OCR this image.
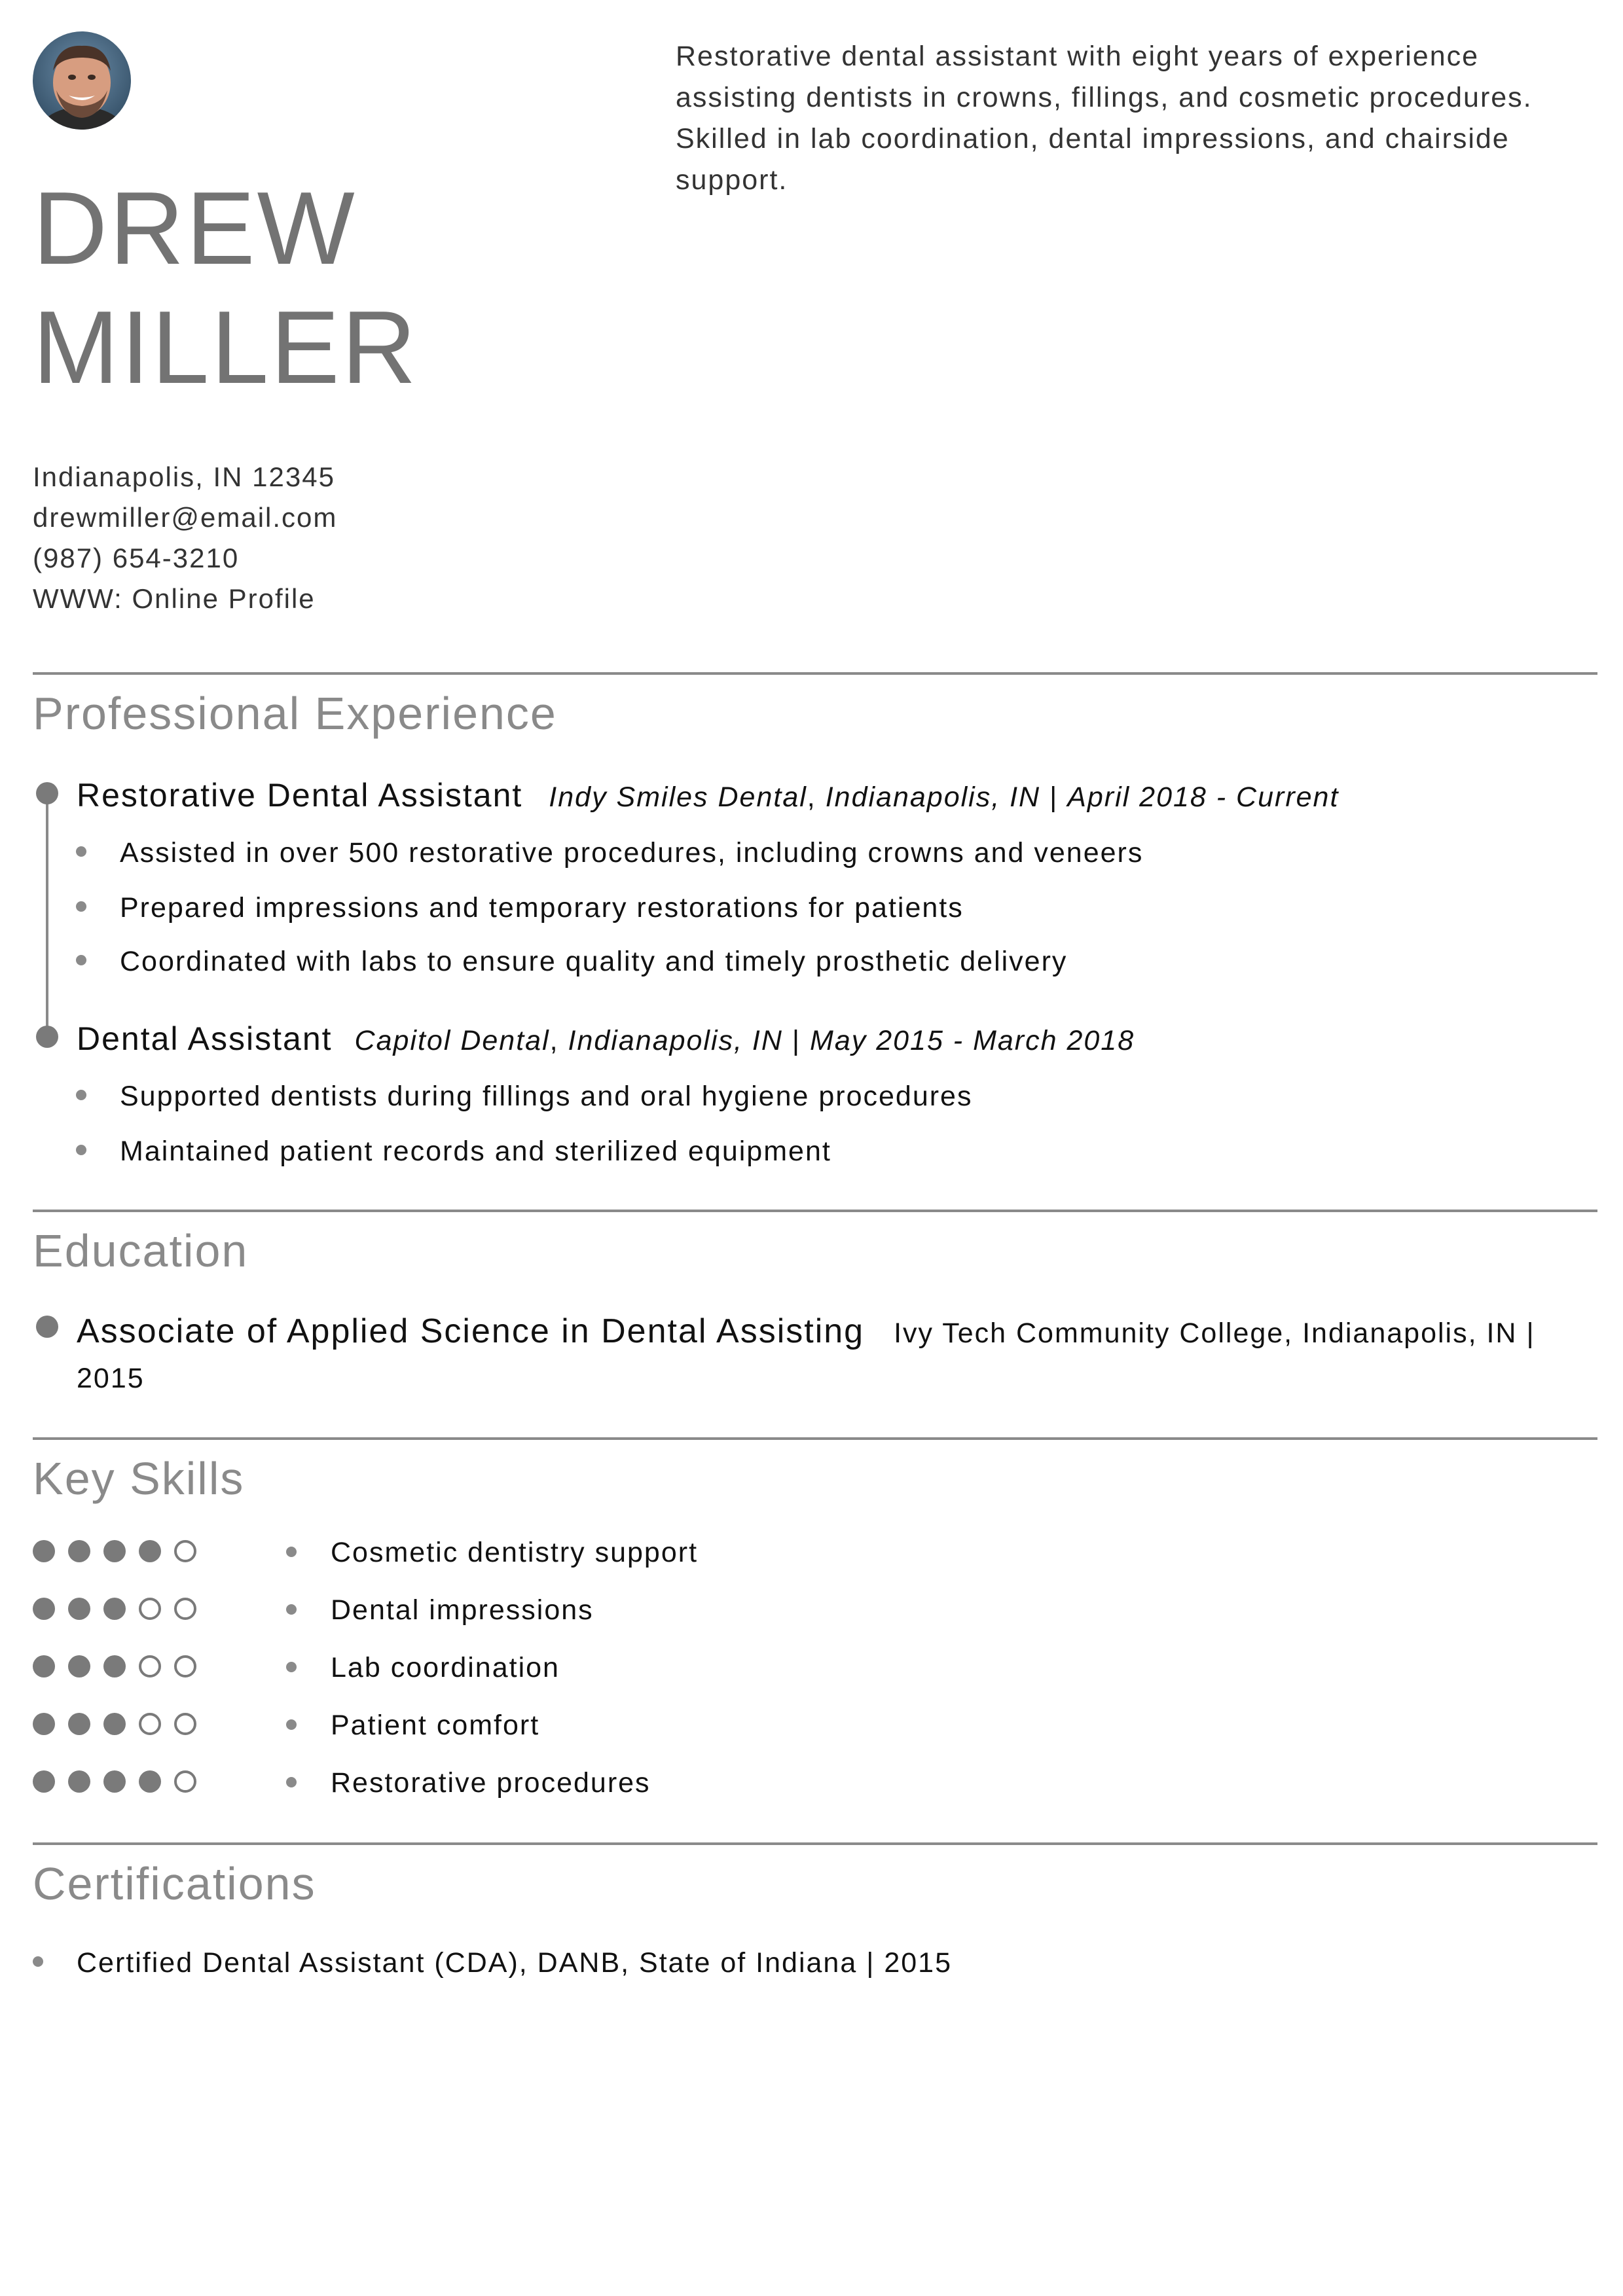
DREW
MILLER
Restorative dental assistant with eight years of experience assisting dentists in crowns, fillings, and cosmetic procedures. Skilled in lab coordination, dental impressions, and chairside support.
Indianapolis, IN 12345
drewmiller@email.com
(987) 654-3210
WWW: Online Profile
Professional Experience
Restorative Dental Assistant Indy Smiles Dental, Indianapolis, IN | April 2018 - Current
Assisted in over 500 restorative procedures, including crowns and veneers
Prepared impressions and temporary restorations for patients
Coordinated with labs to ensure quality and timely prosthetic delivery
Dental Assistant Capitol Dental, Indianapolis, IN | May 2015 - March 2018
Supported dentists during fillings and oral hygiene procedures
Maintained patient records and sterilized equipment
Education
Associate of Applied Science in Dental Assisting Ivy Tech Community College, Indianapolis, IN |
2015
Key Skills
Cosmetic dentistry support
Dental impressions
Lab coordination
Patient comfort
Restorative procedures
Certifications
Certified Dental Assistant (CDA), DANB, State of Indiana | 2015
